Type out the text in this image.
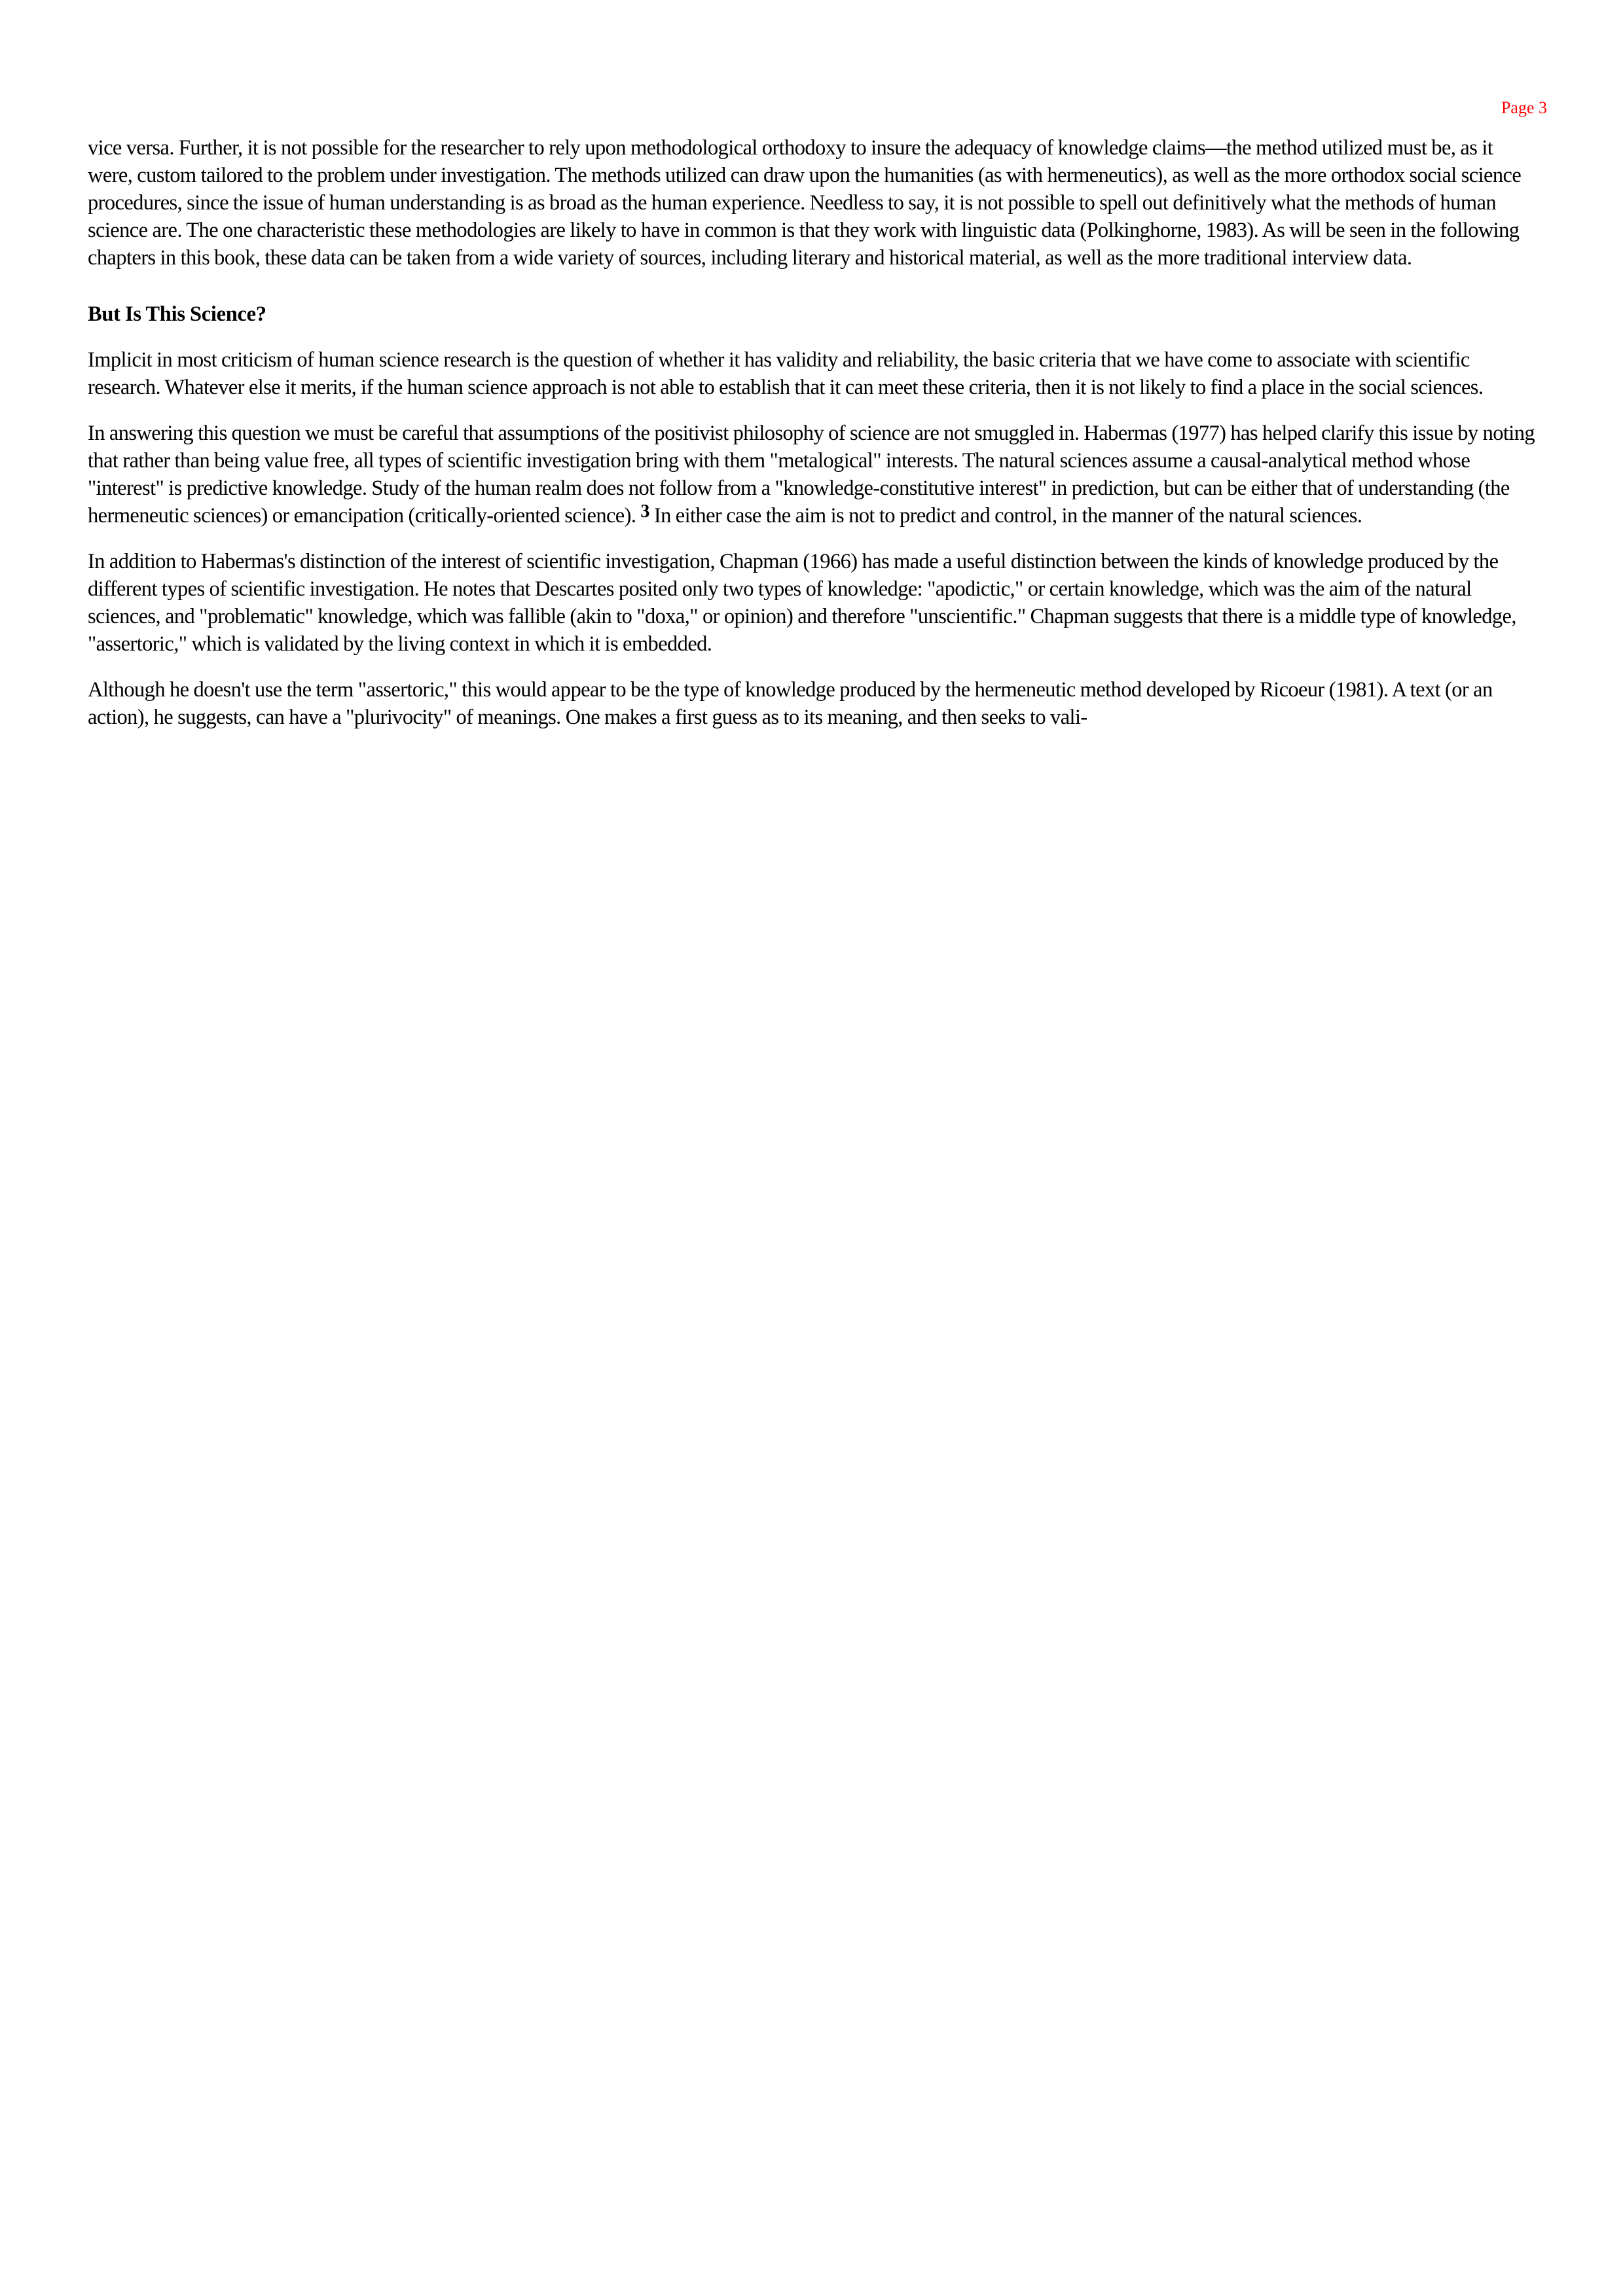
Page 3

vice versa. Further, it is not possible for the researcher to rely upon methodological orthodoxy to insure the adequacy of knowledge claims—the method utilized must be, as it were, custom tailored to the problem under investigation. The methods utilized can draw upon the humanities (as with hermeneutics), as well as the more orthodox social science procedures, since the issue of human understanding is as broad as the human experience. Needless to say, it is not possible to spell out definitively what the methods of human science are. The one characteristic these methodologies are likely to have in common is that they work with linguistic data (Polkinghorne, 1983). As will be seen in the following chapters in this book, these data can be taken from a wide variety of sources, including literary and historical material, as well as the more traditional interview data.

But Is This Science?

Implicit in most criticism of human science research is the question of whether it has validity and reliability, the basic criteria that we have come to associate with scientific research. Whatever else it merits, if the human science approach is not able to establish that it can meet these criteria, then it is not likely to find a place in the social sciences.

In answering this question we must be careful that assumptions of the positivist philosophy of science are not smuggled in. Habermas (1977) has helped clarify this issue by noting that rather than being value free, all types of scientific investigation bring with them "metalogical" interests. The natural sciences assume a causal-analytical method whose "interest" is predictive knowledge. Study of the human realm does not follow from a "knowledge-constitutive interest" in prediction, but can be either that of understanding (the hermeneutic sciences) or emancipation (critically-oriented science). 3 In either case the aim is not to predict and control, in the manner of the natural sciences.

In addition to Habermas's distinction of the interest of scientific investigation, Chapman (1966) has made a useful distinction between the kinds of knowledge produced by the different types of scientific investigation. He notes that Descartes posited only two types of knowledge: "apodictic," or certain knowledge, which was the aim of the natural sciences, and "problematic" knowledge, which was fallible (akin to "doxa," or opinion) and therefore "unscientific." Chapman suggests that there is a middle type of knowledge, "assertoric," which is validated by the living context in which it is embedded.

Although he doesn't use the term "assertoric," this would appear to be the type of knowledge produced by the hermeneutic method developed by Ricoeur (1981). A text (or an action), he suggests, can have a "plurivocity" of meanings. One makes a first guess as to its meaning, and then seeks to vali-
